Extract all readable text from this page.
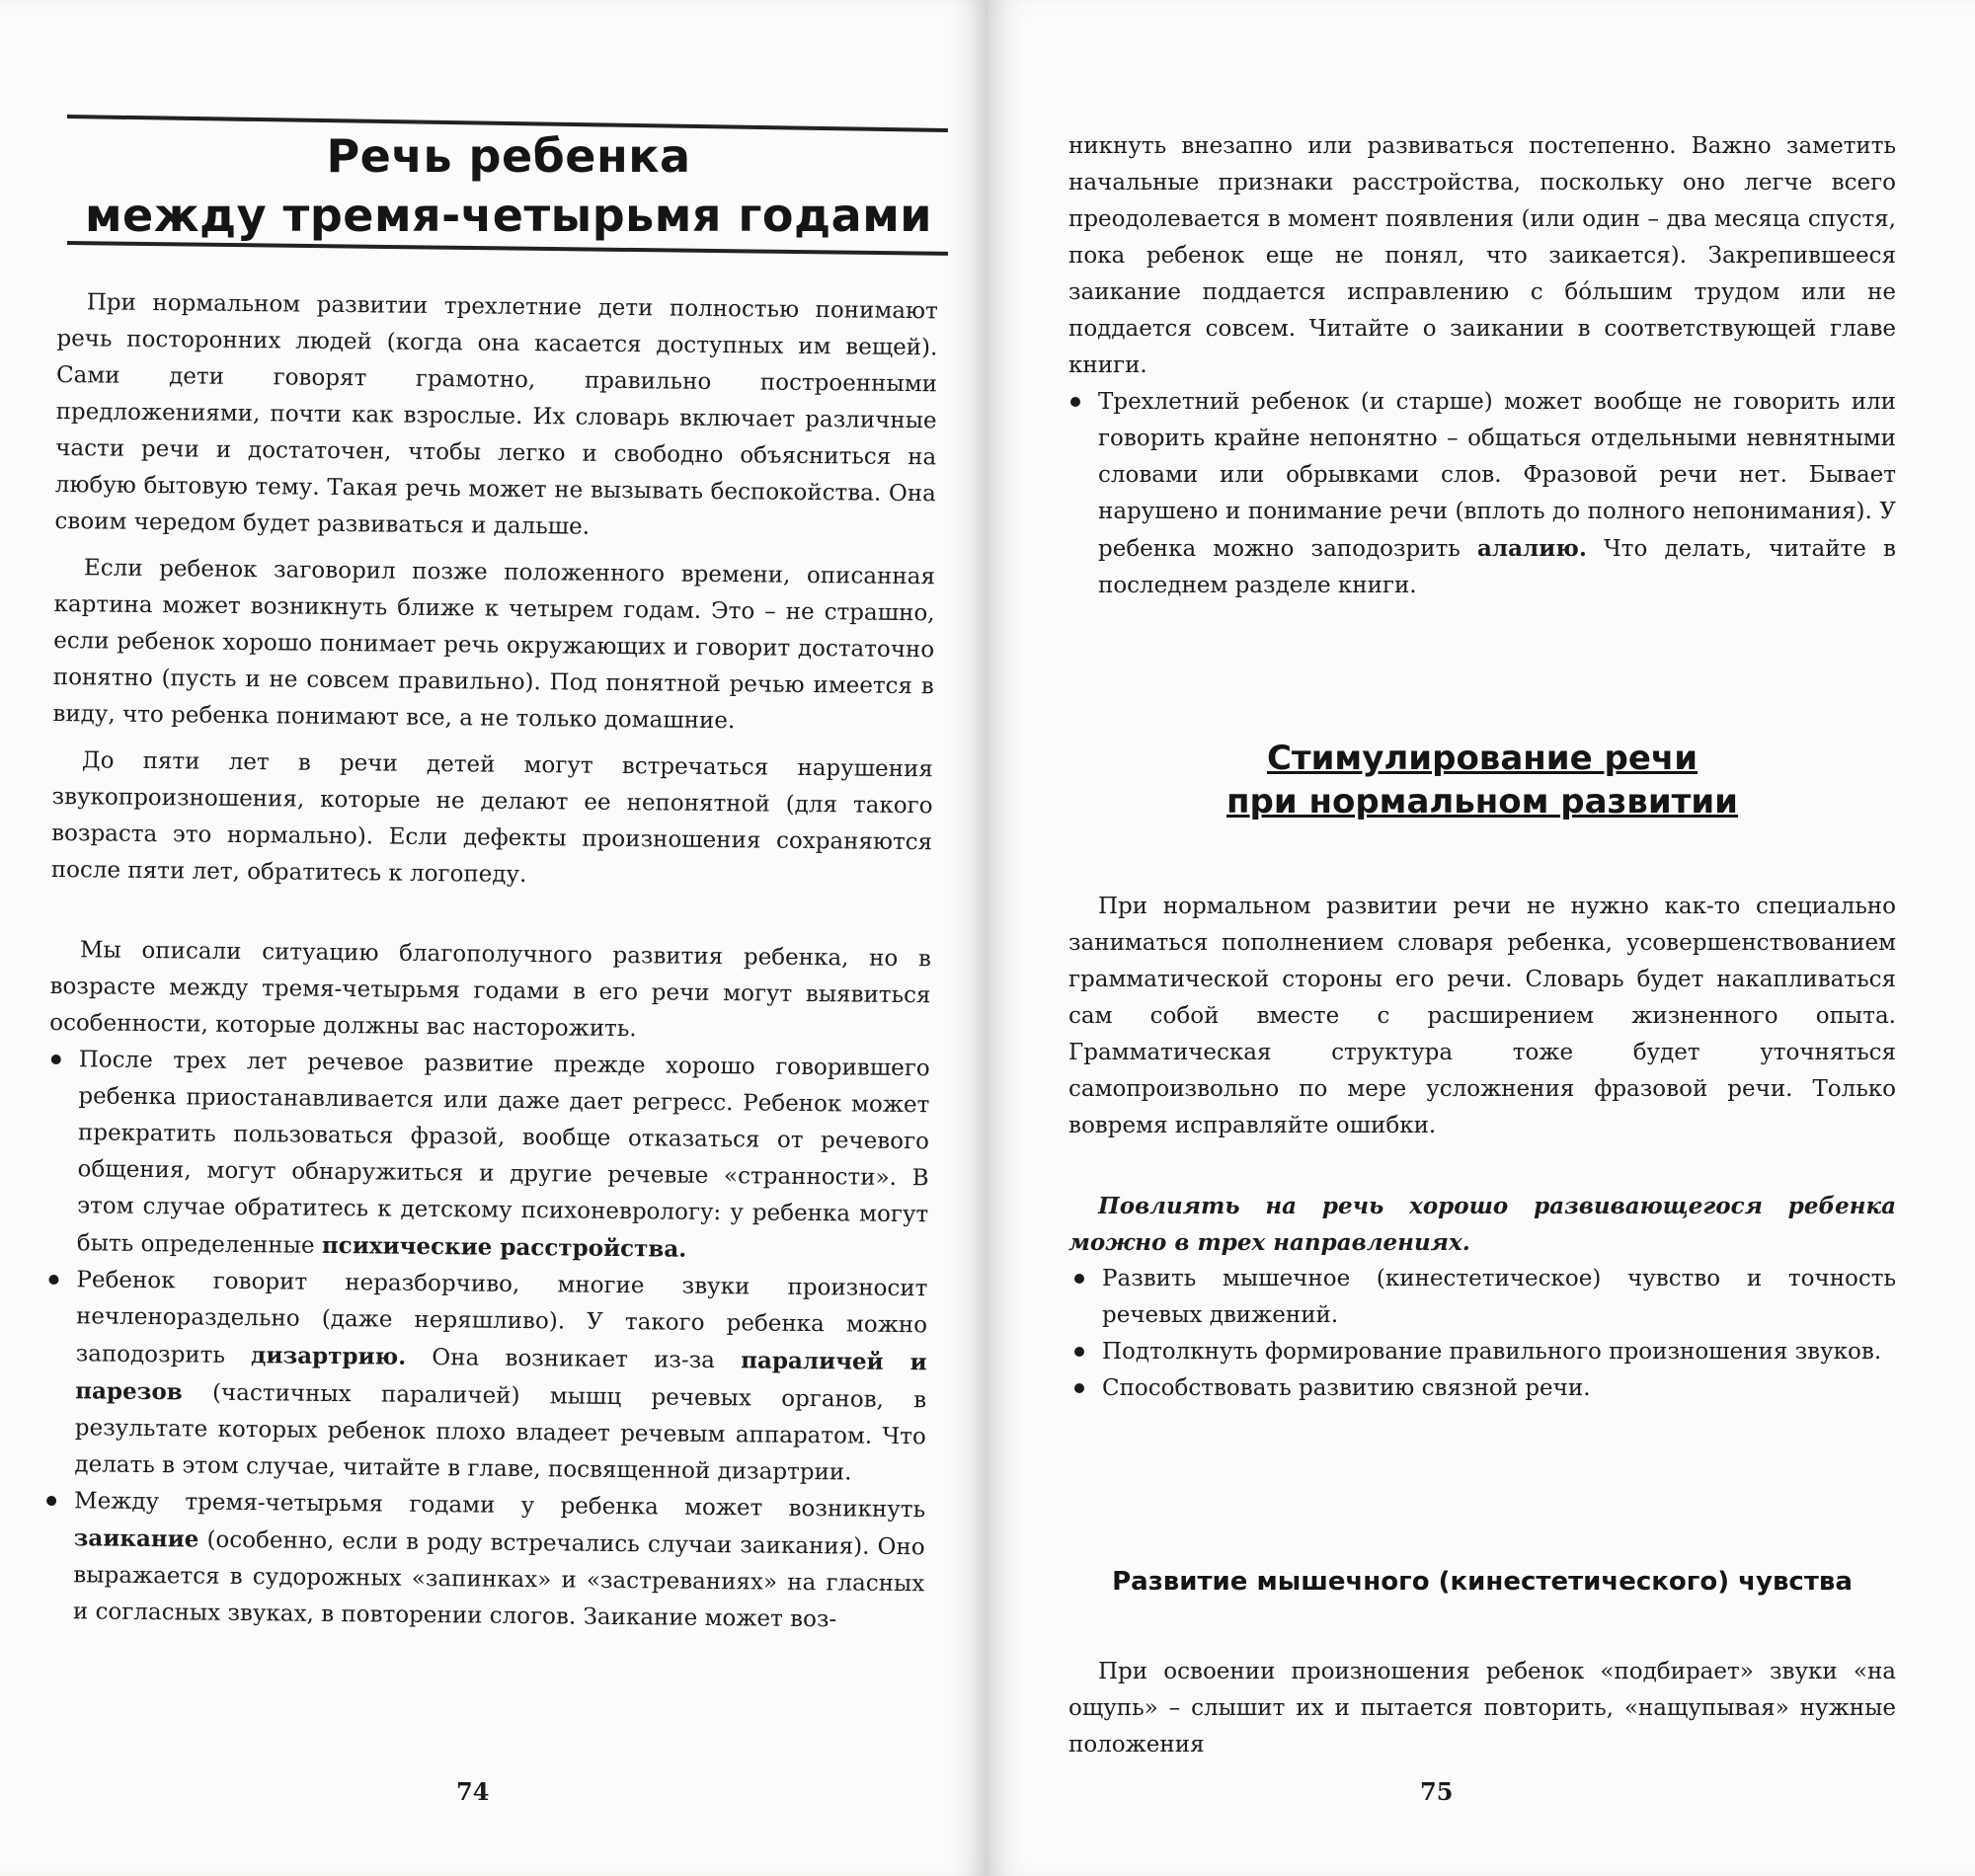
Речь ребенка
между тремя-четырьмя годами

При нормальном развитии трехлетние дети полностью понимают речь посторонних людей (когда она касается доступных им вещей). Сами дети говорят грамотно, правильно построенными предложениями, почти как взрослые. Их словарь включает различные части речи и достаточен, чтобы легко и свободно объясниться на любую бытовую тему. Такая речь может не вызывать беспокойства. Она своим чередом будет развиваться и дальше.

Если ребенок заговорил позже положенного времени, описанная картина может возникнуть ближе к четырем годам. Это – не страшно, если ребенок хорошо понимает речь окружающих и говорит достаточно понятно (пусть и не совсем правильно). Под понятной речью имеется в виду, что ребенка понимают все, а не только домашние.

До пяти лет в речи детей могут встречаться нарушения звукопроизношения, которые не делают ее непонятной (для такого возраста это нормально). Если дефекты произношения сохраняются после пяти лет, обратитесь к логопеду.

Мы описали ситуацию благополучного развития ребенка, но в возрасте между тремя-четырьмя годами в его речи могут выявиться особенности, которые должны вас насторожить.

После трех лет речевое развитие прежде хорошо говорившего ребенка приостанавливается или даже дает регресс. Ребенок может прекратить пользоваться фразой, вообще отказаться от речевого общения, могут обнаружиться и другие речевые «странности». В этом случае обратитесь к детскому психоневрологу: у ребенка могут быть определенные психические расстройства.
Ребенок говорит неразборчиво, многие звуки произносит нечленораздельно (даже неряшливо). У такого ребенка можно заподозрить дизартрию. Она возникает из-за параличей и парезов (частичных параличей) мышц речевых органов, в результате которых ребенок плохо владеет речевым аппаратом. Что делать в этом случае, читайте в главе, посвященной дизартрии.
Между тремя-четырьмя годами у ребенка может возникнуть заикание (особенно, если в роду встречались случаи заикания). Оно выражается в судорожных «запинках» и «застреваниях» на гласных и согласных звуках, в повторении слогов. Заикание может воз-
74	75

никнуть внезапно или развиваться постепенно. Важно заметить начальные признаки расстройства, поскольку оно легче всего преодолевается в момент появления (или один – два месяца спустя, пока ребенок еще не понял, что заикается). Закрепившееся заикание поддается исправлению с бо́льшим трудом или не поддается совсем. Читайте о заикании в соответствующей главе книги.

Трехлетний ребенок (и старше) может вообще не говорить или говорить крайне непонятно – общаться отдельными невнятными словами или обрывками слов. Фразовой речи нет. Бывает нарушено и понимание речи (вплоть до полного непонимания). У ребенка можно заподозрить алалию. Что делать, читайте в последнем разделе книги.
Стимулирование речи
при нормальном развитии

При нормальном развитии речи не нужно как-то специально заниматься пополнением словаря ребенка, усовершенствованием грамматической стороны его речи. Словарь будет накапливаться сам собой вместе с расширением жизненного опыта. Грамматическая структура тоже будет уточняться самопроизвольно по мере усложнения фразовой речи. Только вовремя исправляйте ошибки.

Повлиять на речь хорошо развивающегося ребенка можно в трех направлениях.

Развить мышечное (кинестетическое) чувство и точность речевых движений.
Подтолкнуть формирование правильного произношения звуков.
Способствовать развитию связной речи.
Развитие мышечного (кинестетического) чувства

При освоении произношения ребенок «подбирает» звуки «на ощупь» – слышит их и пытается повторить, «нащупывая» нужные положения
